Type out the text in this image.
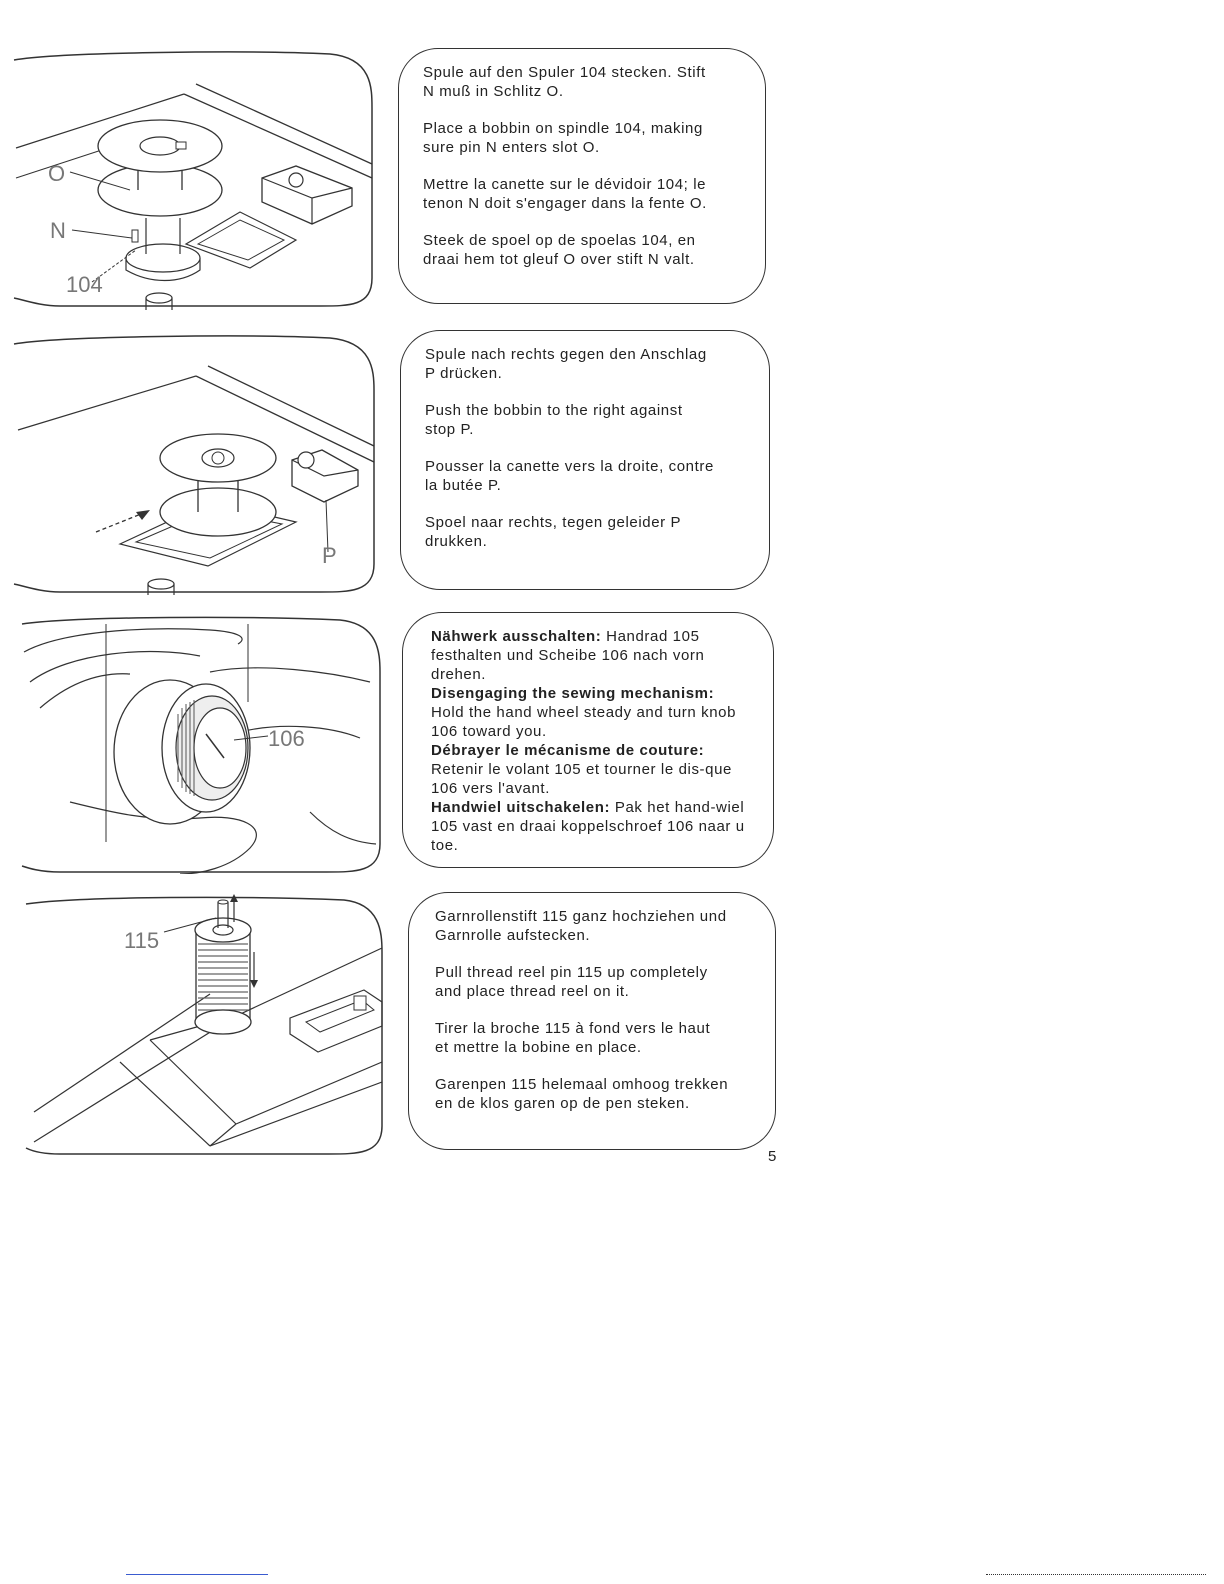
O
N
104

Spule auf den Spuler 104 stecken. Stift
N muß in Schlitz O.

Place a bobbin on spindle 104, making
sure pin N enters slot O.

Mettre la canette sur le dévidoir 104; le
tenon N doit s'engager dans la fente O.

Steek de spoel op de spoelas 104, en
draai hem tot gleuf O over stift N valt.

P

Spule nach rechts gegen den Anschlag
P drücken.

Push the bobbin to the right against
stop P.

Pousser la canette vers la droite, contre
la butée P.

Spoel naar rechts, tegen geleider P
drukken.

106

Nähwerk ausschalten: Handrad 105 festhalten und Scheibe 106 nach vorn drehen.

Disengaging the sewing mechanism: Hold the hand wheel steady and turn knob 106 toward you.

Débrayer le mécanisme de couture: Retenir le volant 105 et tourner le dis-que 106 vers l'avant.

Handwiel uitschakelen: Pak het hand-wiel 105 vast en draai koppelschroef 106 naar u toe.

115

Garnrollenstift 115 ganz hochziehen und
Garnrolle aufstecken.

Pull thread reel pin 115 up completely
and place thread reel on it.

Tirer la broche 115 à fond vers le haut
et mettre la bobine en place.

Garenpen 115 helemaal omhoog trekken
en de klos garen op de pen steken.

5
